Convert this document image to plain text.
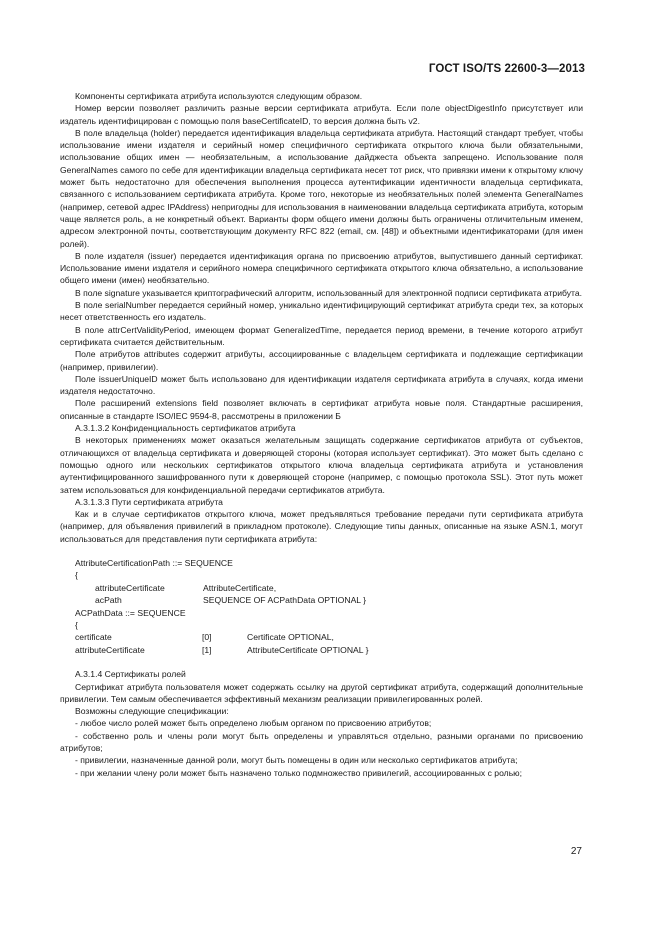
ГОСТ ISO/TS 22600-3—2013

Компоненты сертификата атрибута используются следующим образом.

Номер версии позволяет различить разные версии сертификата атрибута. Если поле objectDigestInfo присутствует или издатель идентифицирован с помощью поля baseCertificateID, то версия должна быть v2.

В поле владельца (holder) передается идентификация владельца сертификата атрибута. Настоящий стандарт требует, чтобы использование имени издателя и серийный номер специфичного сертификата открытого ключа были обязательными, использование общих имен — необязательным, а использование дайджеста объекта запрещено. Использование поля GeneralNames самого по себе для идентификации владельца сертификата несет тот риск, что привязки имени к открытому ключу может быть недостаточно для обеспечения выполнения процесса аутентификации идентичности владельца сертификата, связанного с использованием сертификата атрибута. Кроме того, некоторые из необязательных полей элемента GeneralNames (например, сетевой адрес IPAddress) непригодны для использования в наименовании владельца сертификата атрибута, которым чаще является роль, а не конкретный объект. Варианты форм общего имени должны быть ограничены отличительным именем, адресом электронной почты, соответствующим документу RFC 822 (email, см. [48]) и объектными идентификаторами (для имен ролей).

В поле издателя (issuer) передается идентификация органа по присвоению атрибутов, выпустившего данный сертификат. Использование имени издателя и серийного номера специфичного сертификата открытого ключа обязательно, а использование общего имени (имен) необязательно.

В поле signature указывается криптографический алгоритм, использованный для электронной подписи сертификата атрибута.

В поле serialNumber передается серийный номер, уникально идентифицирующий сертификат атрибута среди тех, за которых несет ответственность его издатель.

В поле attrCertValidityPeriod, имеющем формат GeneralizedTime, передается период времени, в течение которого атрибут сертификата считается действительным.

Поле атрибутов attributes содержит атрибуты, ассоциированные с владельцем сертификата и подлежащие сертификации (например, привилегии).

Поле issuerUniqueID может быть использовано для идентификации издателя сертификата атрибута в случаях, когда имени издателя недостаточно.

Поле расширений extensions field позволяет включать в сертификат атрибута новые поля. Стандартные расширения, описанные в стандарте ISO/IEC 9594-8, рассмотрены в приложении Б

A.3.1.3.2 Конфиденциальность сертификатов атрибута

В некоторых применениях может оказаться желательным защищать содержание сертификатов атрибута от субъектов, отличающихся от владельца сертификата и доверяющей стороны (которая использует сертификат). Это может быть сделано с помощью одного или нескольких сертификатов открытого ключа владельца сертификата атрибута и установления аутентифицированного зашифрованного пути к доверяющей стороне (например, с помощью протокола SSL). Этот путь может затем использоваться для конфиденциальной передачи сертификатов атрибута.

A.3.1.3.3 Пути сертификата атрибута

Как и в случае сертификатов открытого ключа, может предъявляться требование передачи пути сертификата атрибута (например, для объявления привилегий в прикладном протоколе). Следующие типы данных, описанные на языке ASN.1, могут использоваться для представления пути сертификата атрибута:

AttributeCertificationPath ::= SEQUENCE
{
attributeCertificate	AttributeCertificate,
acPath	SEQUENCE OF ACPathData OPTIONAL }
ACPathData ::= SEQUENCE
{
certificate	[0]	Certificate OPTIONAL,
attributeCertificate	[1]	AttributeCertificate OPTIONAL }

A.3.1.4 Сертификаты ролей

Сертификат атрибута пользователя может содержать ссылку на другой сертификат атрибута, содержащий дополнительные привилегии. Тем самым обеспечивается эффективный механизм реализации привилегированных ролей.

Возможны следующие спецификации:

- любое число ролей может быть определено любым органом по присвоению атрибутов;

- собственно роль и члены роли могут быть определены и управляться отдельно, разными органами по присвоению атрибутов;

- привилегии, назначенные данной роли, могут быть помещены в один или несколько сертификатов атрибута;

- при желании члену роли может быть назначено только подмножество привилегий, ассоциированных с ролью;

27
